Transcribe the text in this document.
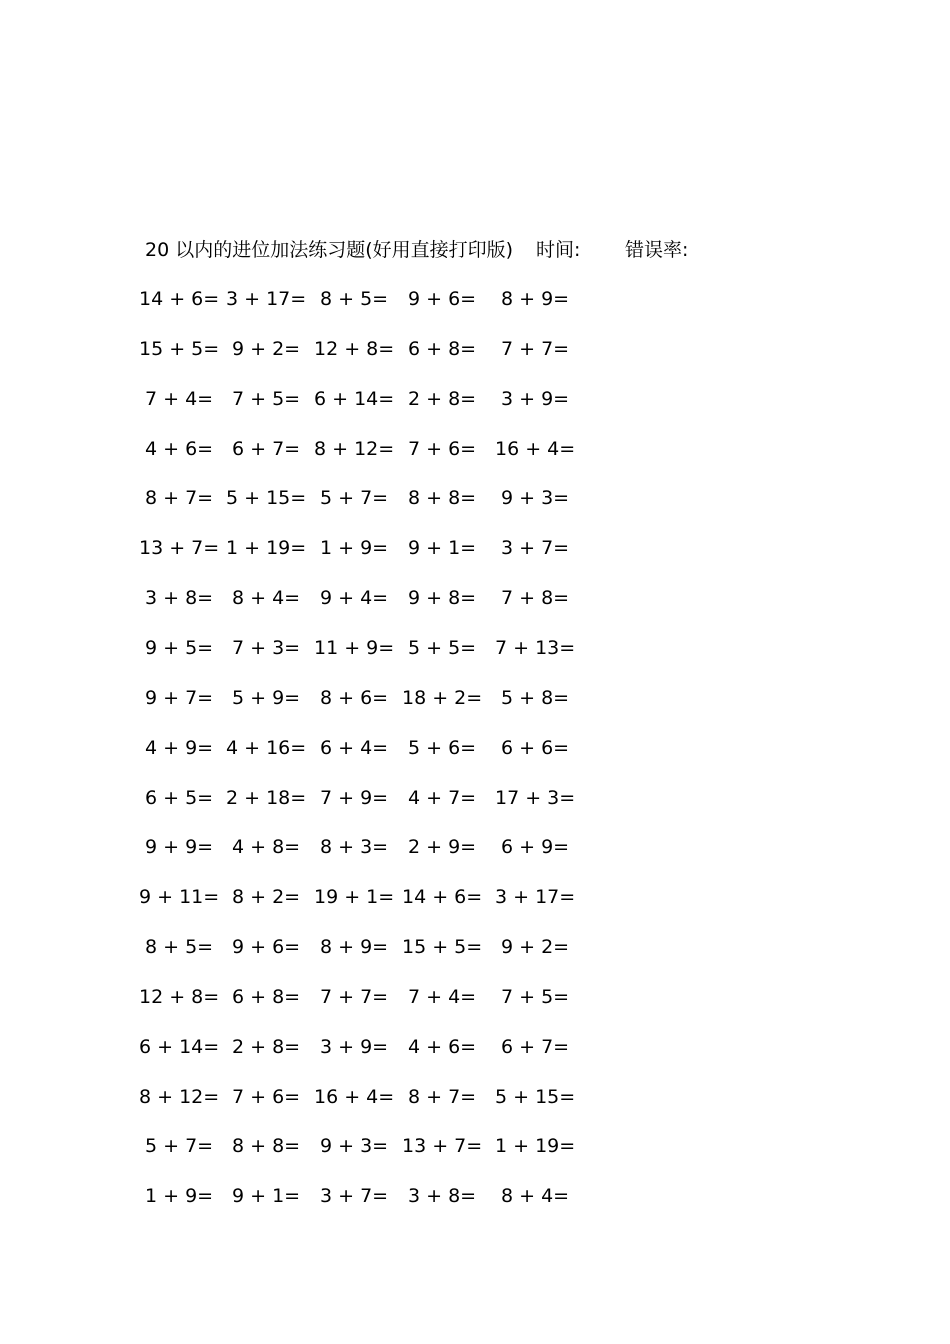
20 以内的进位加法练习题(好用直接打印版) 时间: 错误率:
14 + 6= 3 + 17= 8 + 5= 9 + 6= 8 + 9=
15 + 5= 9 + 2= 12 + 8= 6 + 8= 7 + 7=
7 + 4= 7 + 5= 6 + 14= 2 + 8= 3 + 9=
4 + 6= 6 + 7= 8 + 12= 7 + 6= 16 + 4=
8 + 7= 5 + 15= 5 + 7= 8 + 8= 9 + 3=
13 + 7= 1 + 19= 1 + 9= 9 + 1= 3 + 7=
3 + 8= 8 + 4= 9 + 4= 9 + 8= 7 + 8=
9 + 5= 7 + 3= 11 + 9= 5 + 5= 7 + 13=
9 + 7= 5 + 9= 8 + 6= 18 + 2= 5 + 8=
4 + 9= 4 + 16= 6 + 4= 5 + 6= 6 + 6=
6 + 5= 2 + 18= 7 + 9= 4 + 7= 17 + 3=
9 + 9= 4 + 8= 8 + 3= 2 + 9= 6 + 9=
9 + 11= 8 + 2= 19 + 1= 14 + 6= 3 + 17=
8 + 5= 9 + 6= 8 + 9= 15 + 5= 9 + 2=
12 + 8= 6 + 8= 7 + 7= 7 + 4= 7 + 5=
6 + 14= 2 + 8= 3 + 9= 4 + 6= 6 + 7=
8 + 12= 7 + 6= 16 + 4= 8 + 7= 5 + 15=
5 + 7= 8 + 8= 9 + 3= 13 + 7= 1 + 19=
1 + 9= 9 + 1= 3 + 7= 3 + 8= 8 + 4=
